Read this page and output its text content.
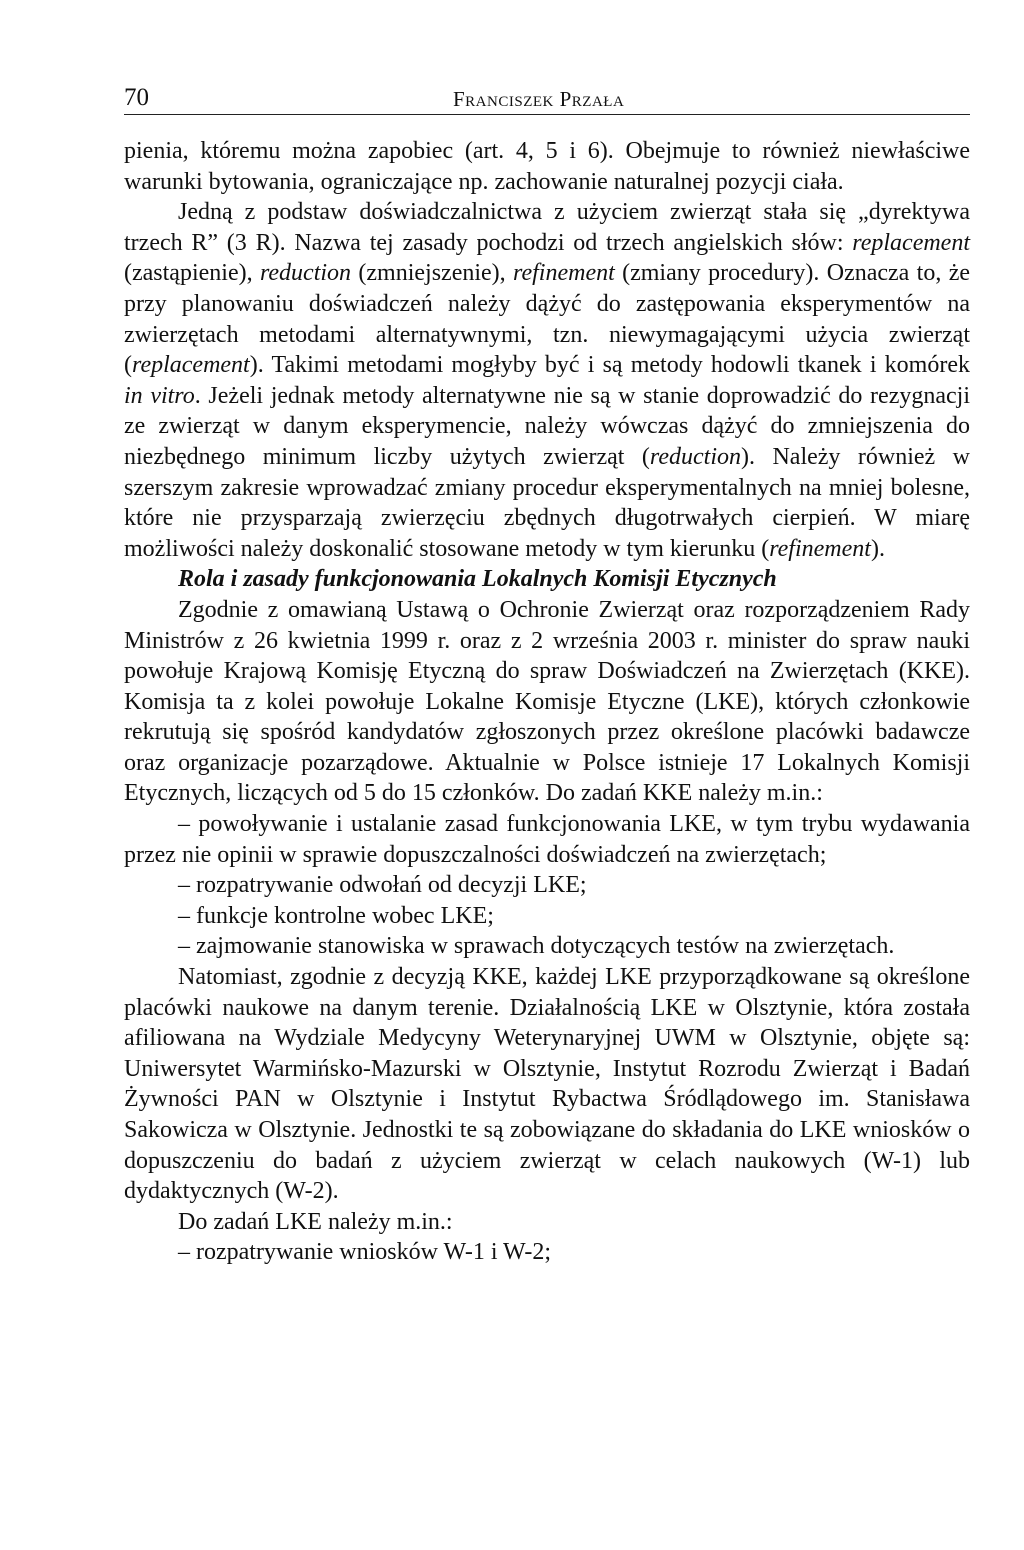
70	Franciszek Przała

pienia, któremu można zapobiec (art. 4, 5 i 6). Obejmuje to również niewłaściwe warunki bytowania, ograniczające np. zachowanie naturalnej pozycji ciała.

Jedną z podstaw doświadczalnictwa z użyciem zwierząt stała się „dyrektywa trzech R” (3 R). Nazwa tej zasady pochodzi od trzech angielskich słów: replacement (zastąpienie), reduction (zmniejszenie), refinement (zmiany procedury). Oznacza to, że przy planowaniu doświadczeń należy dążyć do zastępowania eksperymentów na zwierzętach metodami alternatywnymi, tzn. niewymagającymi użycia zwierząt (replacement). Takimi metodami mogłyby być i są metody hodowli tkanek i komórek in vitro. Jeżeli jednak metody alternatywne nie są w stanie doprowadzić do rezygnacji ze zwierząt w danym eksperymencie, należy wówczas dążyć do zmniejszenia do niezbędnego minimum liczby użytych zwierząt (reduction). Należy również w szerszym zakresie wprowadzać zmiany procedur eksperymentalnych na mniej bolesne, które nie przysparzają zwierzęciu zbędnych długotrwałych cierpień. W miarę możliwości należy doskonalić stosowane metody w tym kierunku (refinement).

Rola i zasady funkcjonowania Lokalnych Komisji Etycznych

Zgodnie z omawianą Ustawą o Ochronie Zwierząt oraz rozporządzeniem Rady Ministrów z 26 kwietnia 1999 r. oraz z 2 września 2003 r. minister do spraw nauki powołuje Krajową Komisję Etyczną do spraw Doświadczeń na Zwierzętach (KKE). Komisja ta z kolei powołuje Lokalne Komisje Etyczne (LKE), których członkowie rekrutują się spośród kandydatów zgłoszonych przez określone placówki badawcze oraz organizacje pozarządowe. Aktualnie w Polsce istnieje 17 Lokalnych Komisji Etycznych, liczących od 5 do 15 członków. Do zadań KKE należy m.in.:

– powoływanie i ustalanie zasad funkcjonowania LKE, w tym trybu wydawania przez nie opinii w sprawie dopuszczalności doświadczeń na zwierzętach;
– rozpatrywanie odwołań od decyzji LKE;
– funkcje kontrolne wobec LKE;
– zajmowanie stanowiska w sprawach dotyczących testów na zwierzętach.

Natomiast, zgodnie z decyzją KKE, każdej LKE przyporządkowane są określone placówki naukowe na danym terenie. Działalnością LKE w Olsztynie, która została afiliowana na Wydziale Medycyny Weterynaryjnej UWM w Olsztynie, objęte są: Uniwersytet Warmińsko-Mazurski w Olsztynie, Instytut Rozrodu Zwierząt i Badań Żywności PAN w Olsztynie i Instytut Rybactwa Śródlądowego im. Stanisława Sakowicza w Olsztynie. Jednostki te są zobowiązane do składania do LKE wniosków o dopuszczeniu do badań z użyciem zwierząt w celach naukowych (W-1) lub dydaktycznych (W-2).

Do zadań LKE należy m.in.:

– rozpatrywanie wniosków W-1 i W-2;
